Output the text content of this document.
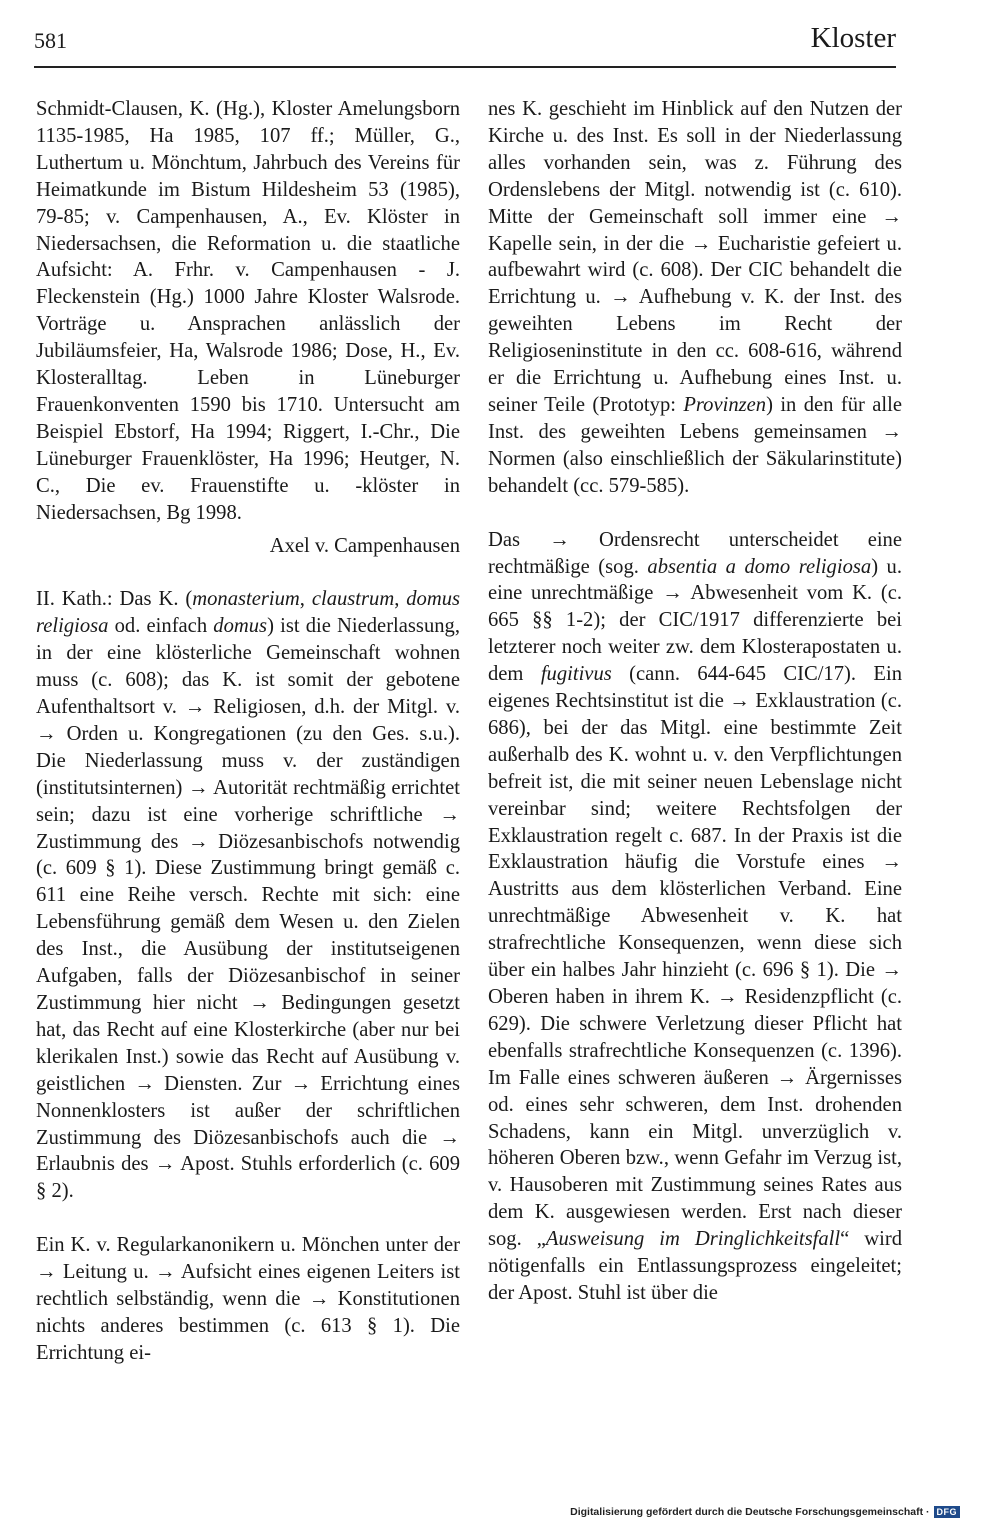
581	Kloster

Schmidt-Clausen, K. (Hg.), Kloster Amelungsborn 1135-1985, Ha 1985, 107 ff.; Müller, G., Luthertum u. Mönchtum, Jahrbuch des Vereins für Heimatkunde im Bistum Hildesheim 53 (1985), 79-85; v. Campenhausen, A., Ev. Klöster in Niedersachsen, die Reformation u. die staatliche Aufsicht: A. Frhr. v. Campenhausen - J. Fleckenstein (Hg.) 1000 Jahre Kloster Walsrode. Vorträge u. Ansprachen anlässlich der Jubiläumsfeier, Ha, Walsrode 1986; Dose, H., Ev. Klosteralltag. Leben in Lüneburger Frauenkonventen 1590 bis 1710. Untersucht am Beispiel Ebstorf, Ha 1994; Riggert, I.-Chr., Die Lüneburger Frauenklöster, Ha 1996; Heutger, N. C., Die ev. Frauenstifte u. -klöster in Niedersachsen, Bg 1998.

Axel v. Campenhausen

II. Kath.: Das K. (monasterium, claustrum, domus religiosa od. einfach domus) ist die Niederlassung, in der eine klösterliche Gemeinschaft wohnen muss (c. 608); das K. ist somit der gebotene Aufenthaltsort v. → Religiosen, d.h. der Mitgl. v. → Orden u. Kongregationen (zu den Ges. s.u.). Die Niederlassung muss v. der zuständigen (institutsinternen) → Autorität rechtmäßig errichtet sein; dazu ist eine vorherige schriftliche → Zustimmung des → Diözesanbischofs notwendig (c. 609 § 1). Diese Zustimmung bringt gemäß c. 611 eine Reihe versch. Rechte mit sich: eine Lebensführung gemäß dem Wesen u. den Zielen des Inst., die Ausübung der institutseigenen Aufgaben, falls der Diözesanbischof in seiner Zustimmung hier nicht → Bedingungen gesetzt hat, das Recht auf eine Klosterkirche (aber nur bei klerikalen Inst.) sowie das Recht auf Ausübung v. geistlichen → Diensten. Zur → Errichtung eines Nonnenklosters ist außer der schriftlichen Zustimmung des Diözesanbischofs auch die → Erlaubnis des → Apost. Stuhls erforderlich (c. 609 § 2).

Ein K. v. Regularkanonikern u. Mönchen unter der → Leitung u. → Aufsicht eines eigenen Leiters ist rechtlich selbständig, wenn die → Konstitutionen nichts anderes bestimmen (c. 613 § 1). Die Errichtung ei-

nes K. geschieht im Hinblick auf den Nutzen der Kirche u. des Inst. Es soll in der Niederlassung alles vorhanden sein, was z. Führung des Ordenslebens der Mitgl. notwendig ist (c. 610). Mitte der Gemeinschaft soll immer eine → Kapelle sein, in der die → Eucharistie gefeiert u. aufbewahrt wird (c. 608). Der CIC behandelt die Errichtung u. → Aufhebung v. K. der Inst. des geweihten Lebens im Recht der Religioseninstitute in den cc. 608-616, während er die Errichtung u. Aufhebung eines Inst. u. seiner Teile (Prototyp: Provinzen) in den für alle Inst. des geweihten Lebens gemeinsamen → Normen (also einschließlich der Säkularinstitute) behandelt (cc. 579-585).

Das → Ordensrecht unterscheidet eine rechtmäßige (sog. absentia a domo religiosa) u. eine unrechtmäßige → Abwesenheit vom K. (c. 665 §§ 1-2); der CIC/1917 differenzierte bei letzterer noch weiter zw. dem Klosterapostaten u. dem fugitivus (cann. 644-645 CIC/17). Ein eigenes Rechtsinstitut ist die → Exklaustration (c. 686), bei der das Mitgl. eine bestimmte Zeit außerhalb des K. wohnt u. v. den Verpflichtungen befreit ist, die mit seiner neuen Lebenslage nicht vereinbar sind; weitere Rechtsfolgen der Exklaustration regelt c. 687. In der Praxis ist die Exklaustration häufig die Vorstufe eines → Austritts aus dem klösterlichen Verband. Eine unrechtmäßige Abwesenheit v. K. hat strafrechtliche Konsequenzen, wenn diese sich über ein halbes Jahr hinzieht (c. 696 § 1). Die → Oberen haben in ihrem K. → Residenzpflicht (c. 629). Die schwere Verletzung dieser Pflicht hat ebenfalls strafrechtliche Konsequenzen (c. 1396). Im Falle eines schweren äußeren → Ärgernisses od. eines sehr schweren, dem Inst. drohenden Schadens, kann ein Mitgl. unverzüglich v. höheren Oberen bzw., wenn Gefahr im Verzug ist, v. Hausoberen mit Zustimmung seines Rates aus dem K. ausgewiesen werden. Erst nach dieser sog. „Ausweisung im Dringlichkeitsfall“ wird nötigenfalls ein Entlassungsprozess eingeleitet; der Apost. Stuhl ist über die

Digitalisierung gefördert durch die Deutsche Forschungsgemeinschaft · DFG
